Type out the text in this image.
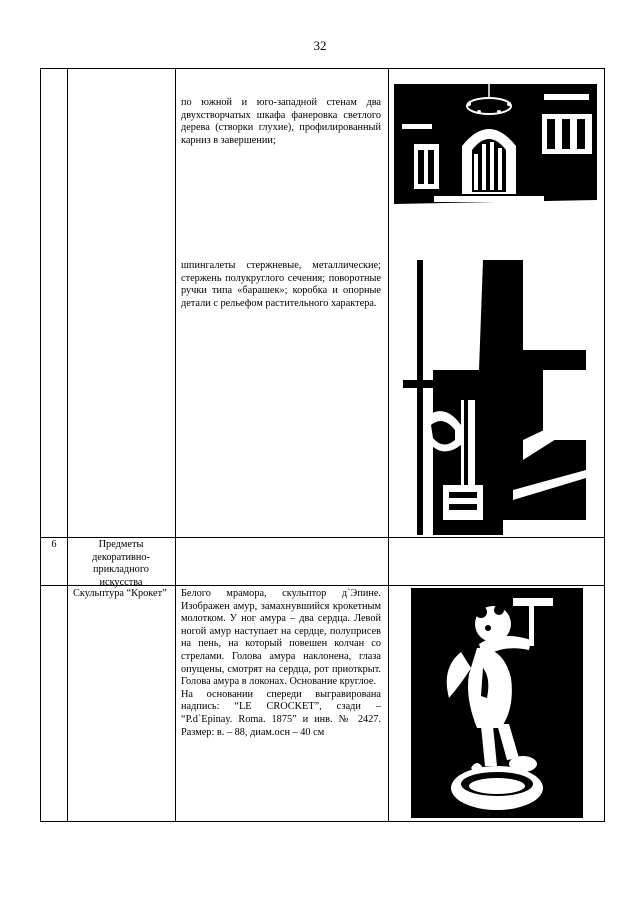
32
по южной и юго-западной стенам два двухстворчатых шкафа фанеровка светлого дерева (створки глухие), профилированный карниз в завершении;
шпингалеты стержневые, металлические; стержень полукруглого сечения; поворотные ручки типа «барашек»; коробка и опорные детали с рельефом растительного характера.
6	Предметы декоративно-прикладного искусства
Скульптура “Крокет”	Белого мрамора, скульптор д`Эпине. Изображен амур, замахнувшийся крокетным молотком. У ног амура – два сердца. Левой ногой амур наступает на сердце, полуприсев на пень, на который повешен колчан со стрелами. Голова амура наклонена, глаза опущены, смотрят на сердца, рот приоткрыт. Голова амура в локонах. Основание круглое.
На основании спереди выгравирована надпись: “LE CROCKET”, сзади – “P.d`Epinay. Roma. 1875” и инв. № 2427. Размер: в. – 88, диам.осн – 40 см
